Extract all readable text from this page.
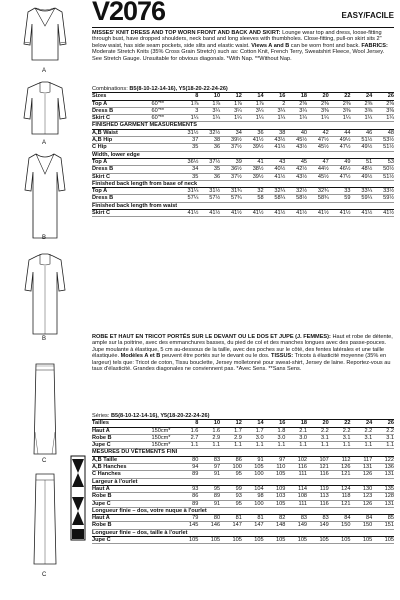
A
A
B
B
C
C
V2076	EASY/FACILE
MISSES' KNIT DRESS AND TOP WORN FRONT AND BACK AND SKIRT: Lounge wear top and dress, loose-fitting through bust, have dropped shoulders, neck band and long sleeves with thumbholes. Close-fitting, pull-on skirt sits 2" below waist, has side seam pockets, side slits and elastic waist. Views A and B can be worn front and back. FABRICS: Moderate Stretch Knits (35% Cross Grain Stretch) such as: Cotton Knit, French Terry, Sweatshirt Fleece, Wool Jersey. See Stretch Gauge. Unsuitable for obvious diagonals. *With Nap. **Without Nap.
Combinations: B5(8-10-12-14-16), Y5(18-20-22-24-26)
Sizes		8	10	12	14	16	18	20	22	24	26
Top A	60"**	1⅞	1⅞	1⅞	1⅞	2	2⅜	2⅜	2⅜	2⅜	2⅜
Dress B	60"**	3	3¼	3¼	3¼	3¼	3¼	3⅜	3⅜	3⅜	3⅜
Skirt C	60"**	1¼	1¼	1¼	1¼	1¼	1¼	1¼	1¼	1¼	1¼
FINISHED GARMENT MEASUREMENTS											
A,B Waist		31½	32½	34	36	38	40	42	44	46	48
A,B Hip		37	38	39½	41½	43½	45½	47½	49½	51½	53½
C Hip		35	36	37½	39½	41½	43½	45½	47½	49½	51½
Width, lower edge											
Top A		36½	37½	39	41	43	45	47	49	51	53
Dress B		34	35	36½	38½	40½	42½	44½	46½	48½	50½
Skirt C		35	36	37½	39½	41½	43½	45½	47½	49½	51½
Finished back length from base of neck											
Top A		31¼	31½	31¾	32	32¼	32½	32¾	33	33¼	33½
Dress B		57¼	57½	57¾	58	58¼	58½	58¾	59	59¼	59½
Finished back length from waist											
Skirt C		41½	41½	41½	41½	41½	41½	41½	41½	41½	41½
ROBE ET HAUT EN TRICOT PORTÉS SUR LE DEVANT OU LE DOS ET JUPE (J. FEMMES): Haut et robe de détente, ample sur la poitrine, avec des emmanchures basses, du pied de col et des manches longues avec des passe-pouces. Jupe moulante à élastique, 5 cm au-dessous de la taille, avec des poches sur le côté, des fentes latérales et une taille élastiquée. Modèles A et B peuvent être portés sur le devant ou le dos. TISSUS: Tricots à élasticité moyenne (35% en largeur) tels que: Tricot de coton, Tissu bouclette, Jersey molletonné pour sweat-shirt, Jersey de laine. Reportez-vous au taux d'élasticité. Grandes diagonales ne conviennent pas. *Avec Sens. **Sans Sens.
Séries: B5(8-10-12-14-16), Y5(18-20-22-24-26)
Tailles		8	10	12	14	16	18	20	22	24	26
Haut A	150cm*	1.6	1.6	1.7	1.7	1.8	2.1	2.2	2.2	2.2	2.2
Robe B	150cm*	2.7	2.9	2.9	3.0	3.0	3.0	3.1	3.1	3.1	3.1
Jupe C	150cm*	1.1	1.1	1.1	1.1	1.1	1.1	1.1	1.1	1.1	1.1
MESURES DU VÊTEMENTS FINI											
A,B Taille		80	83	86	91	97	102	107	112	117	122
A,B Hanches		94	97	100	105	110	116	121	126	131	136
C Hanches		89	91	95	100	105	111	116	121	126	131
Largeur à l'ourlet											
Haut A		93	95	99	104	109	114	119	124	130	135
Robe B		86	89	93	98	103	108	113	118	123	128
Jupe C		89	91	95	100	105	111	116	121	126	131
Longueur finie – dos, votre nuque à l'ourlet											
Haut A		79	80	81	81	82	83	83	84	84	85
Robe B		145	146	147	147	148	149	149	150	150	151
Longueur finie – dos, taille à l'ourlet											
Jupe C		105	105	105	105	105	105	105	105	105	105
